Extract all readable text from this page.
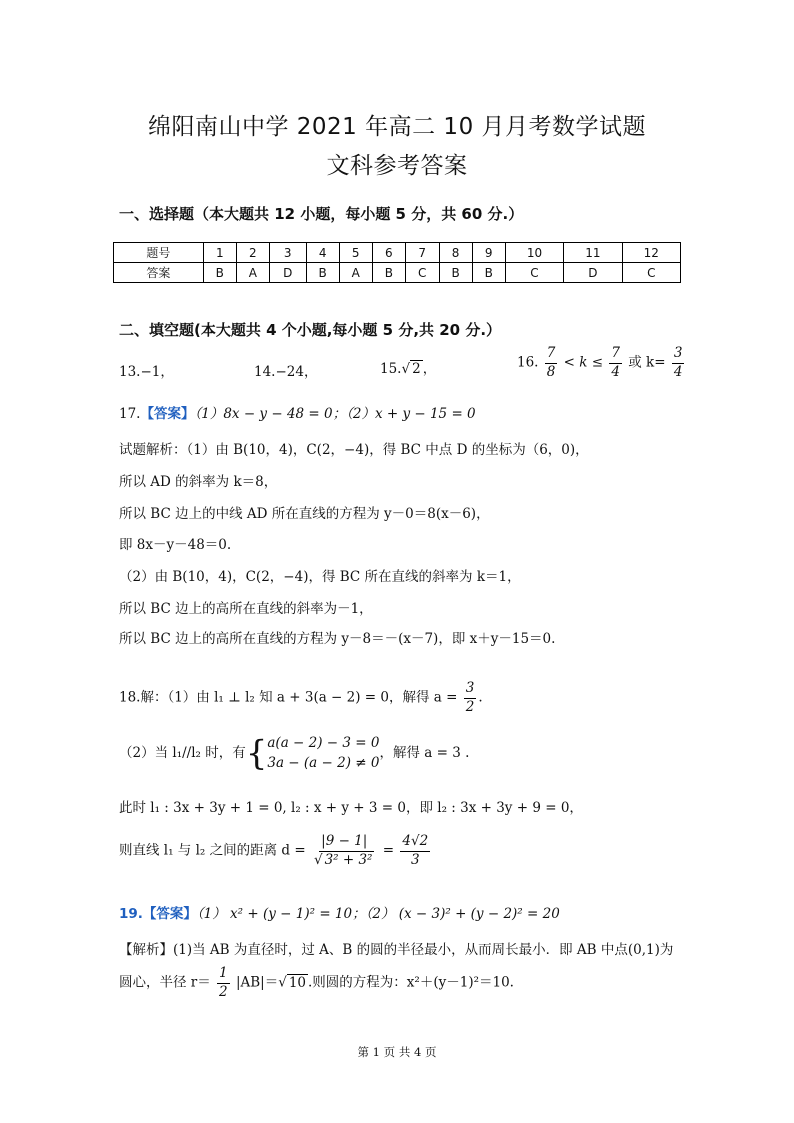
绵阳南山中学 2021 年高二 10 月月考数学试题
文科参考答案
一、选择题（本大题共 12 小题，每小题 5 分，共 60 分.）
题号	1	2	3	4	5	6	7	8	9	10	11	12
答案	B	A	D	B	A	B	C	B	B	C	D	C
二、填空题(本大题共 4 个小题,每小题 5 分,共 20 分.）
13.−1，	14.−24，	15.√ 2 ，	16. $\frac{7}{8} < k \le \frac{7}{4}$ 或 $k= \frac{3}{4}$
17.【答案】（1）8x − y − 48 = 0；（2）x + y − 15 = 0
试题解析：（1）由 B(10，4)，C(2，−4)，得 BC 中点 D 的坐标为（6，0)，
所以 AD 的斜率为 k＝8，
所以 BC 边上的中线 AD 所在直线的方程为 y－0＝8(x－6)，
即 8x－y－48＝0.
（2）由 B(10，4)，C(2，−4)，得 BC 所在直线的斜率为 k＝1，
所以 BC 边上的高所在直线的斜率为－1，
所以 BC 边上的高所在直线的方程为 y－8＝－(x－7)，即 x＋y－15＝0.
18.解：（1）由 l₁ ⊥ l₂ 知 a + 3(a − 2) = 0，解得 $a = \frac{3}{2}$ .
（2）当 l₁//l₂ 时，有{ a(a − 2) − 3 = 0
3a − (a − 2) ≠ 0
，解得 a = 3 .
此时 l₁ : 3x + 3y + 1 = 0, l₂ : x + y + 3 = 0，即 l₂ : 3x + 3y + 9 = 0，
则直线 l₁ 与 l₂ 之间的距离 $d = \frac{|9 - 1|}{\text{√ 3² + 3²}} = \frac{4√2}{3}$
19.【答案】（1） x² + (y − 1)² = 10；（2） (x − 3)² + (y − 2)² = 20
【解析】(1)当 AB 为直径时，过 A、B 的圆的半径最小，从而周长最小．即 AB 中点(0,1)为
圆心，半径 $r= \frac{1}{2} |AB|=√$ 10 .则圆的方程为：x²＋(y－1)²＝10.
第 1 页 共 4 页
